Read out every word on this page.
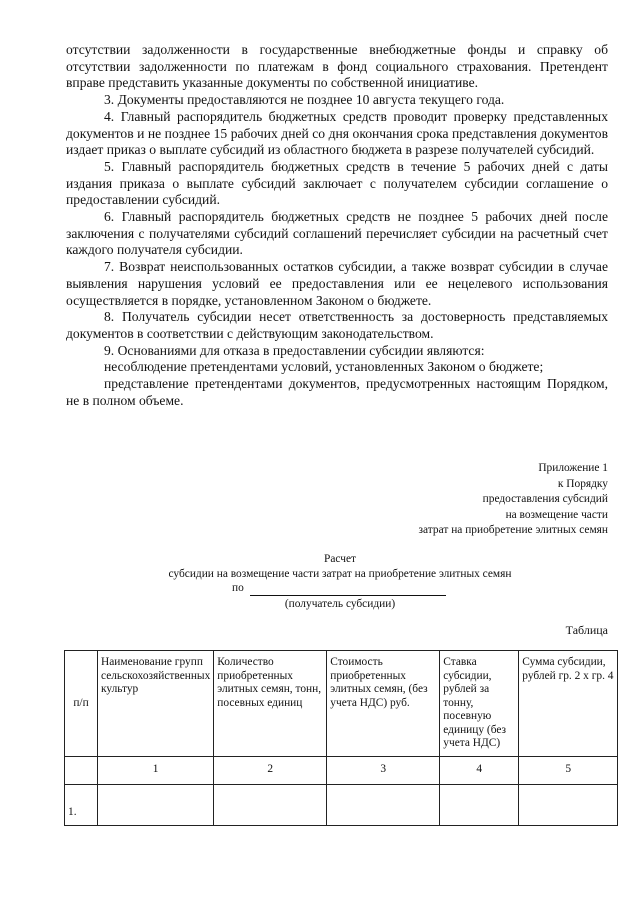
отсутствии задолженности в государственные внебюджетные фонды и справку об отсутствии задолженности по платежам в фонд социального страхования. Претендент вправе представить указанные документы по собственной инициативе.

3. Документы предоставляются не позднее 10 августа текущего года.

4. Главный распорядитель бюджетных средств проводит проверку представленных документов и не позднее 15 рабочих дней со дня окончания срока представления документов издает приказ о выплате субсидий из областного бюджета в разрезе получателей субсидий.

5. Главный распорядитель бюджетных средств в течение 5 рабочих дней с даты издания приказа о выплате субсидий заключает с получателем субсидии соглашение о предоставлении субсидий.

6. Главный распорядитель бюджетных средств не позднее 5 рабочих дней после заключения с получателями субсидий соглашений перечисляет субсидии на расчетный счет каждого получателя субсидии.

7. Возврат неиспользованных остатков субсидии, а также возврат субсидии в случае выявления нарушения условий ее предоставления или ее нецелевого использования осуществляется в порядке, установленном Законом о бюджете.

8. Получатель субсидии несет ответственность за достоверность представляемых документов в соответствии с действующим законодательством.

9. Основаниями для отказа в предоставлении субсидии являются:

несоблюдение претендентами условий, установленных Законом о бюджете;

представление претендентами документов, предусмотренных настоящим Порядком, не в полном объеме.

Приложение 1
к Порядку
предоставления субсидий
на возмещение части
затрат на приобретение элитных семян
Расчет
субсидии на возмещение части затрат на приобретение элитных семян
по
(получатель субсидии)
Таблица
п/п	Наименование групп сельскохозяйственных культур	Количество приобретенных элитных семян, тонн, посевных единиц	Стоимость приобретенных элитных семян, (без учета НДС) руб.	Ставка субсидии, рублей за тонну, посевную единицу (без учета НДС)	Сумма субсидии, рублей гр. 2 х гр. 4
	1	2	3	4	5
1.					
